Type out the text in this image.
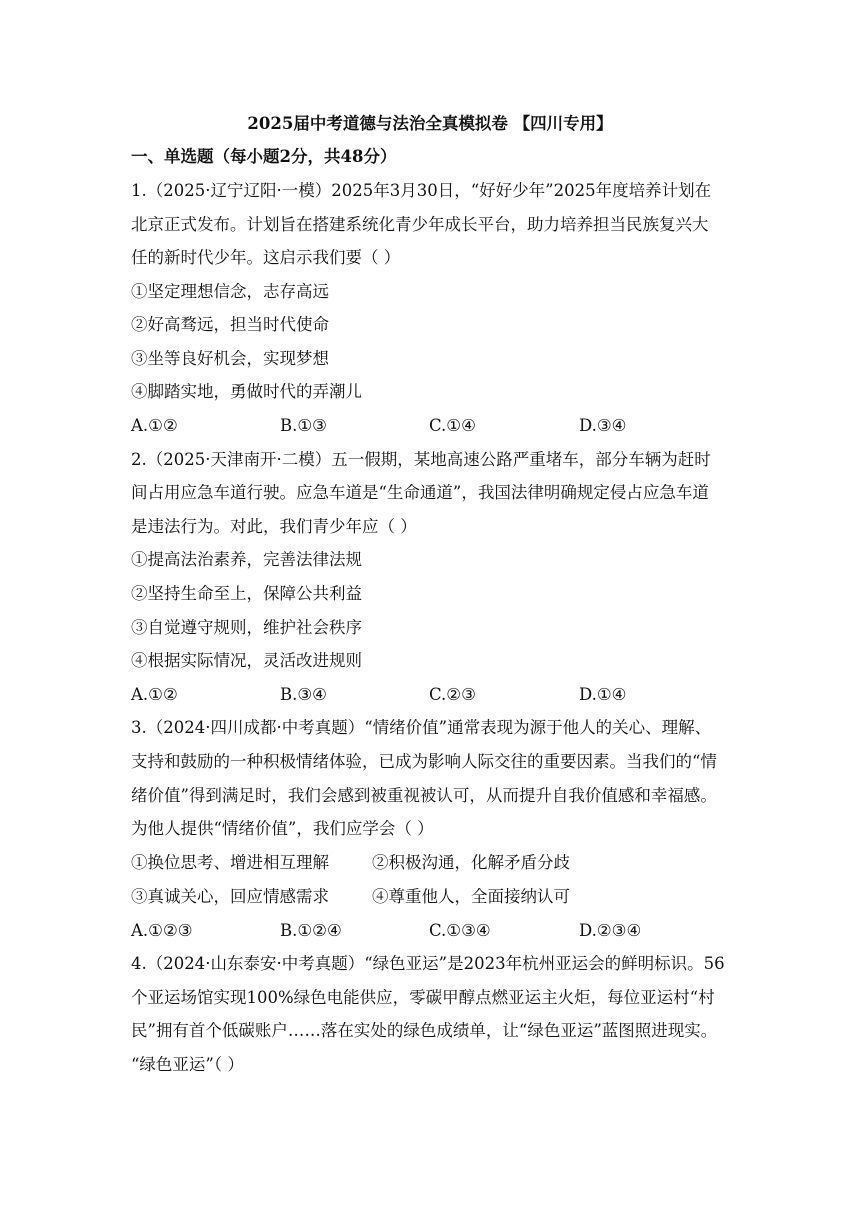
2025届中考道德与法治全真模拟卷 【四川专用】
一、单选题（每小题2分，共48分）
1.（2025·辽宁辽阳·一模）2025年3月30日，“好好少年”2025年度培养计划在
北京正式发布。计划旨在搭建系统化青少年成长平台，助力培养担当民族复兴大
任的新时代少年。这启示我们要（ ）
①坚定理想信念，志存高远
②好高骛远，担当时代使命
③坐等良好机会，实现梦想
④脚踏实地，勇做时代的弄潮儿
A.①②	B.①③	C.①④	D.③④
2.（2025·天津南开·二模）五一假期，某地高速公路严重堵车，部分车辆为赶时
间占用应急车道行驶。应急车道是“生命通道”，我国法律明确规定侵占应急车道
是违法行为。对此，我们青少年应（ ）
①提高法治素养，完善法律法规
②坚持生命至上，保障公共利益
③自觉遵守规则，维护社会秩序
④根据实际情况，灵活改进规则
A.①②	B.③④	C.②③	D.①④
3.（2024·四川成都·中考真题）“情绪价值”通常表现为源于他人的关心、理解、
支持和鼓励的一种积极情绪体验，已成为影响人际交往的重要因素。当我们的“情
绪价值”得到满足时，我们会感到被重视被认可，从而提升自我价值感和幸福感。
为他人提供“情绪价值”，我们应学会（ ）
①换位思考、增进相互理解	②积极沟通，化解矛盾分歧
③真诚关心，回应情感需求	④尊重他人，全面接纳认可
A.①②③	B.①②④	C.①③④	D.②③④
4.（2024·山东泰安·中考真题）“绿色亚运”是2023年杭州亚运会的鲜明标识。56
个亚运场馆实现100%绿色电能供应，零碳甲醇点燃亚运主火炬，每位亚运村“村
民”拥有首个低碳账户……落在实处的绿色成绩单，让“绿色亚运”蓝图照进现实。
“绿色亚运”（ ）
